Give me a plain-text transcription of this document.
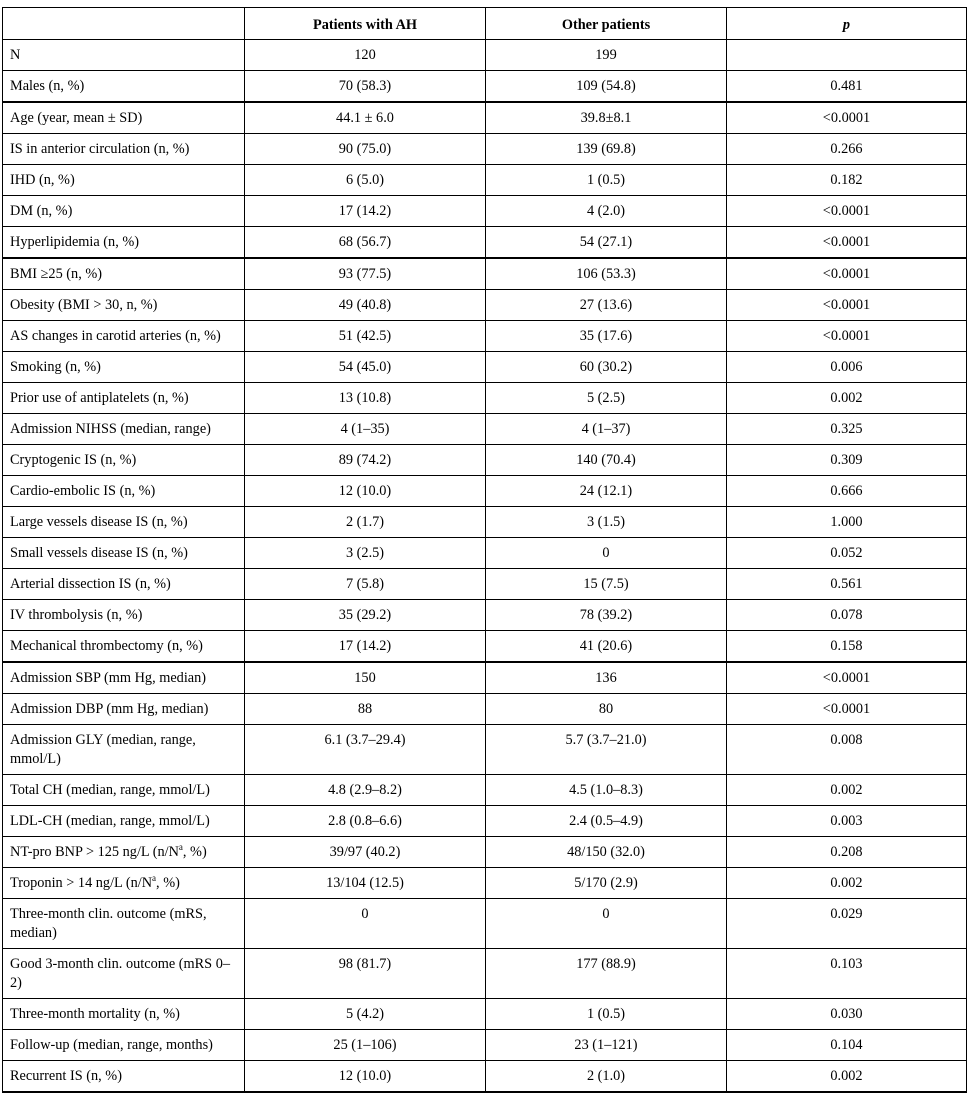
	Patients with AH	Other patients	p
N	120	199	
Males (n, %)	70 (58.3)	109 (54.8)	0.481
Age (year, mean ± SD)	44.1 ± 6.0	39.8±8.1	<0.0001
IS in anterior circulation (n, %)	90 (75.0)	139 (69.8)	0.266
IHD (n, %)	6 (5.0)	1 (0.5)	0.182
DM (n, %)	17 (14.2)	4 (2.0)	<0.0001
Hyperlipidemia (n, %)	68 (56.7)	54 (27.1)	<0.0001
BMI ≥25 (n, %)	93 (77.5)	106 (53.3)	<0.0001
Obesity (BMI > 30, n, %)	49 (40.8)	27 (13.6)	<0.0001
AS changes in carotid arteries (n, %)	51 (42.5)	35 (17.6)	<0.0001
Smoking (n, %)	54 (45.0)	60 (30.2)	0.006
Prior use of antiplatelets (n, %)	13 (10.8)	5 (2.5)	0.002
Admission NIHSS (median, range)	4 (1–35)	4 (1–37)	0.325
Cryptogenic IS (n, %)	89 (74.2)	140 (70.4)	0.309
Cardio-embolic IS (n, %)	12 (10.0)	24 (12.1)	0.666
Large vessels disease IS (n, %)	2 (1.7)	3 (1.5)	1.000
Small vessels disease IS (n, %)	3 (2.5)	0	0.052
Arterial dissection IS (n, %)	7 (5.8)	15 (7.5)	0.561
IV thrombolysis (n, %)	35 (29.2)	78 (39.2)	0.078
Mechanical thrombectomy (n, %)	17 (14.2)	41 (20.6)	0.158
Admission SBP (mm Hg, median)	150	136	<0.0001
Admission DBP (mm Hg, median)	88	80	<0.0001
Admission GLY (median, range, mmol/L)	6.1 (3.7–29.4)	5.7 (3.7–21.0)	0.008
Total CH (median, range, mmol/L)	4.8 (2.9–8.2)	4.5 (1.0–8.3)	0.002
LDL-CH (median, range, mmol/L)	2.8 (0.8–6.6)	2.4 (0.5–4.9)	0.003
NT-pro BNP > 125 ng/L ($n/N^a$, %)	39/97 (40.2)	48/150 (32.0)	0.208
Troponin > 14 ng/L ($n/N^a$, %)	13/104 (12.5)	5/170 (2.9)	0.002
Three-month clin. outcome (mRS, median)	0	0	0.029
Good 3-month clin. outcome (mRS 0–2)	98 (81.7)	177 (88.9)	0.103
Three-month mortality (n, %)	5 (4.2)	1 (0.5)	0.030
Follow-up (median, range, months)	25 (1–106)	23 (1–121)	0.104
Recurrent IS (n, %)	12 (10.0)	2 (1.0)	0.002
